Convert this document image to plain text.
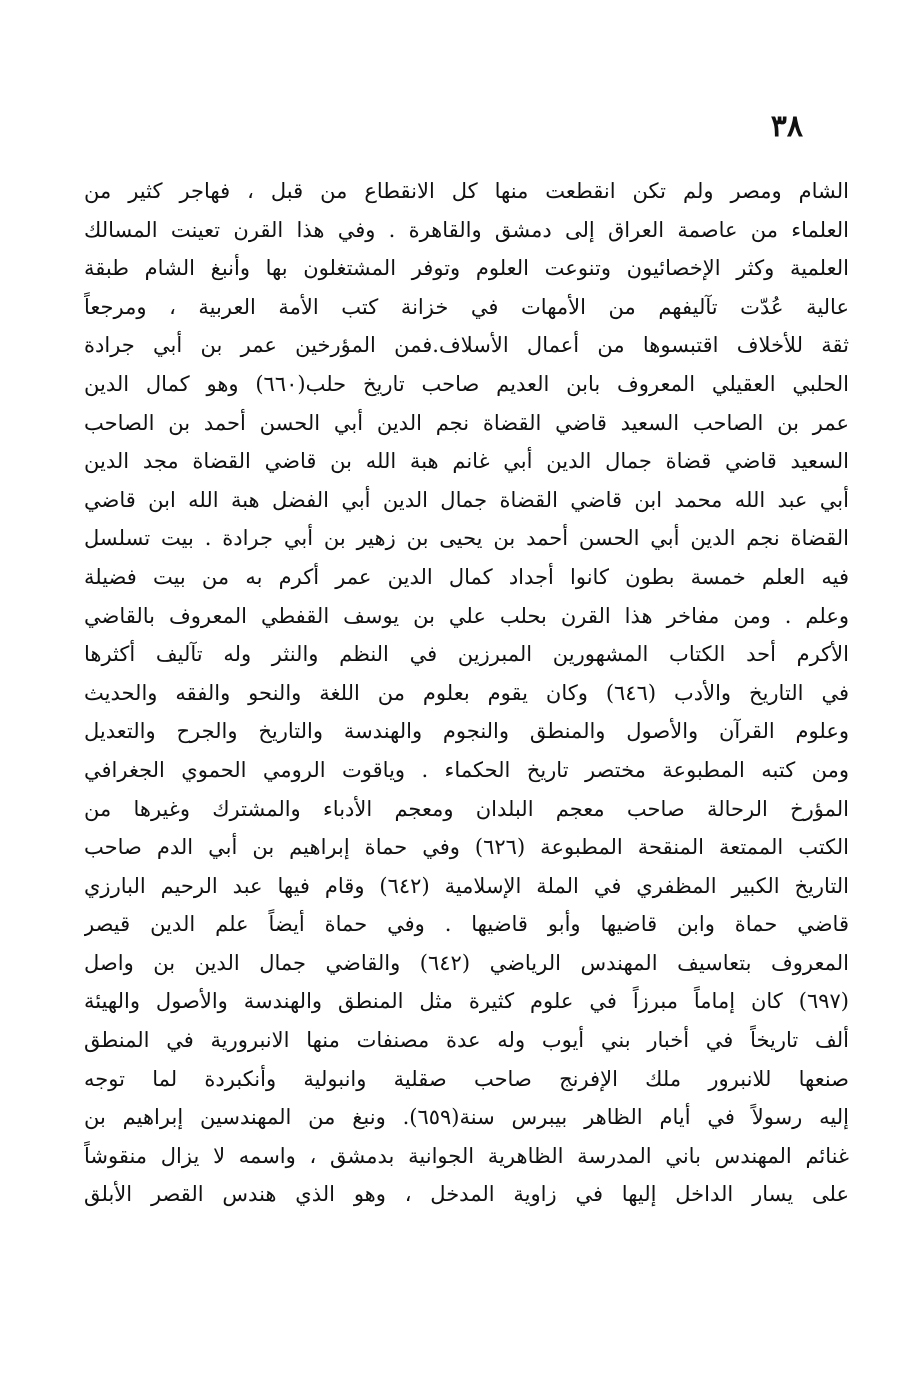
٣٨
الشام ومصر ولم تكن انقطعت منها كل الانقطاع من قبل ، فهاجر كثير من
العلماء من عاصمة العراق إلى دمشق والقاهرة . وفي هذا القرن تعينت المسالك
العلمية وكثر الإخصائيون وتنوعت العلوم وتوفر المشتغلون بها وأنبغ الشام طبقة
عالية عُدّت تآليفهم من الأمهات في خزانة كتب الأمة العربية ، ومرجعاً
ثقة للأخلاف اقتبسوها من أعمال الأسلاف.فمن المؤرخين عمر بن أبي جرادة
الحلبي العقيلي المعروف بابن العديم صاحب تاريخ حلب(٦٦٠) وهو كمال الدين
عمر بن الصاحب السعيد قاضي القضاة نجم الدين أبي الحسن أحمد بن الصاحب
السعيد قاضي قضاة جمال الدين أبي غانم هبة الله بن قاضي القضاة مجد الدين
أبي عبد الله محمد ابن قاضي القضاة جمال الدين أبي الفضل هبة الله ابن قاضي
القضاة نجم الدين أبي الحسن أحمد بن يحيى بن زهير بن أبي جرادة . بيت تسلسل
فيه العلم خمسة بطون كانوا أجداد كمال الدين عمر أكرم به من بيت فضيلة
وعلم . ومن مفاخر هذا القرن بحلب علي بن يوسف القفطي المعروف بالقاضي
الأكرم أحد الكتاب المشهورين المبرزين في النظم والنثر وله تآليف أكثرها
في التاريخ والأدب (٦٤٦) وكان يقوم بعلوم من اللغة والنحو والفقه والحديث
وعلوم القرآن والأصول والمنطق والنجوم والهندسة والتاريخ والجرح والتعديل
ومن كتبه المطبوعة مختصر تاريخ الحكماء . وياقوت الرومي الحموي الجغرافي
المؤرخ الرحالة صاحب معجم البلدان ومعجم الأدباء والمشترك وغيرها من
الكتب الممتعة المنقحة المطبوعة (٦٢٦) وفي حماة إبراهيم بن أبي الدم صاحب
التاريخ الكبير المظفري في الملة الإسلامية (٦٤٢) وقام فيها عبد الرحيم البارزي
قاضي حماة وابن قاضيها وأبو قاضيها . وفي حماة أيضاً علم الدين قيصر
المعروف بتعاسيف المهندس الرياضي (٦٤٢) والقاضي جمال الدين بن واصل
(٦٩٧) كان إماماً مبرزاً في علوم كثيرة مثل المنطق والهندسة والأصول والهيئة
ألف تاريخاً في أخبار بني أيوب وله عدة مصنفات منها الانبرورية في المنطق
صنعها للانبرور ملك الإفرنج صاحب صقلية وانبولية وأنكبردة لما توجه
إليه رسولاً في أيام الظاهر بيبرس سنة(٦٥٩). ونبغ من المهندسين إبراهيم بن
غنائم المهندس باني المدرسة الظاهرية الجوانية بدمشق ، واسمه لا يزال منقوشاً
على يسار الداخل إليها في زاوية المدخل ، وهو الذي هندس القصر الأبلق
